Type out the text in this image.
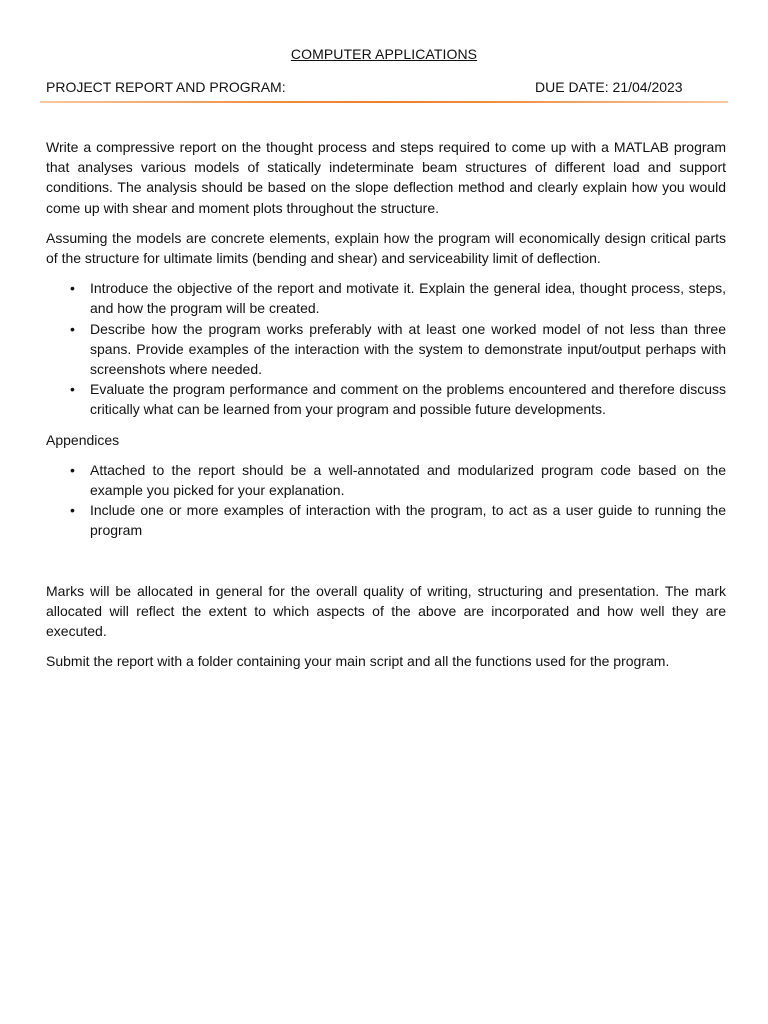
COMPUTER APPLICATIONS
PROJECT REPORT AND PROGRAM:	DUE DATE: 21/04/2023

Write a compressive report on the thought process and steps required to come up with a MATLAB program that analyses various models of statically indeterminate beam structures of different load and support conditions. The analysis should be based on the slope deflection method and clearly explain how you would come up with shear and moment plots throughout the structure.

Assuming the models are concrete elements, explain how the program will economically design critical parts of the structure for ultimate limits (bending and shear) and serviceability limit of deflection.

• Introduce the objective of the report and motivate it. Explain the general idea, thought process, steps, and how the program will be created.
• Describe how the program works preferably with at least one worked model of not less than three spans. Provide examples of the interaction with the system to demonstrate input/output perhaps with screenshots where needed.
• Evaluate the program performance and comment on the problems encountered and therefore discuss critically what can be learned from your program and possible future developments.

Appendices

• Attached to the report should be a well-annotated and modularized program code based on the example you picked for your explanation.
• Include one or more examples of interaction with the program, to act as a user guide to running the program

Marks will be allocated in general for the overall quality of writing, structuring and presentation. The mark allocated will reflect the extent to which aspects of the above are incorporated and how well they are executed.

Submit the report with a folder containing your main script and all the functions used for the program.
